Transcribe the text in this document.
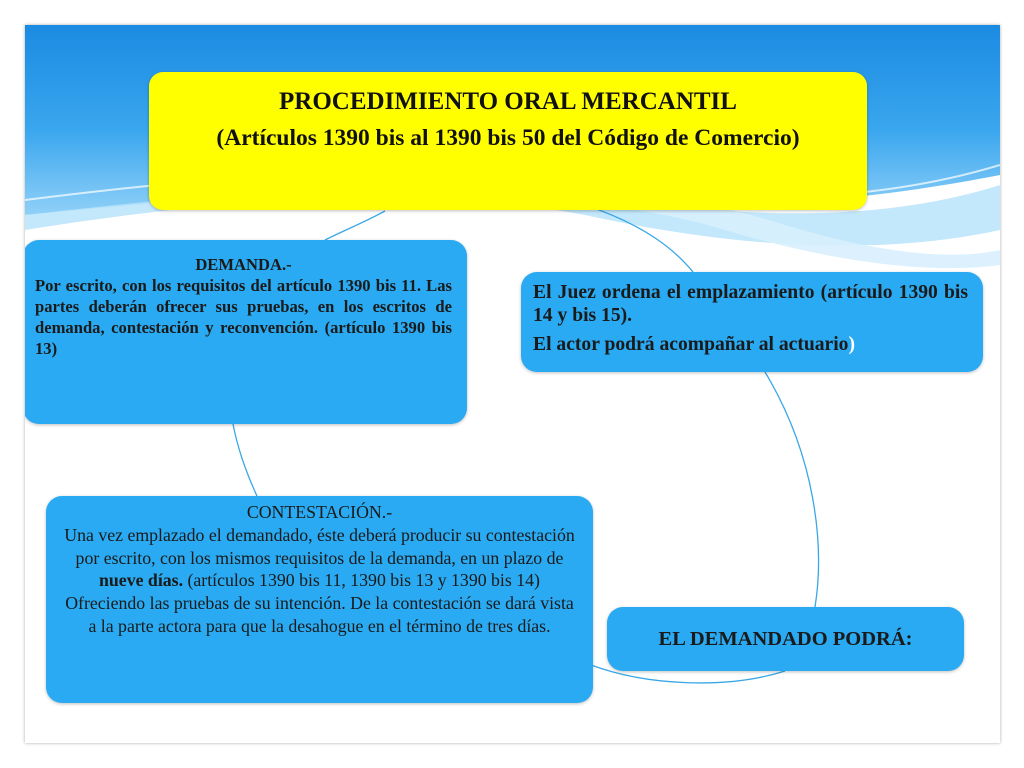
PROCEDIMIENTO ORAL MERCANTIL
(Artículos 1390 bis al 1390 bis 50 del Código de Comercio)
DEMANDA.-
Por escrito, con los requisitos del artículo 1390 bis 11. Las partes deberán ofrecer sus pruebas, en los escritos de demanda, contestación y reconvención. (artículo 1390 bis 13)
El Juez ordena el emplazamiento (artículo 1390 bis 14 y bis 15).
El actor podrá acompañar al actuario)
CONTESTACIÓN.-
Una vez emplazado el demandado, éste deberá producir su contestación por escrito, con los mismos requisitos de la demanda, en un plazo de nueve días. (artículos 1390 bis 11, 1390 bis 13 y 1390 bis 14) Ofreciendo las pruebas de su intención. De la contestación se dará vista a la parte actora para que la desahogue en el término de tres días.
EL DEMANDADO PODRÁ:
